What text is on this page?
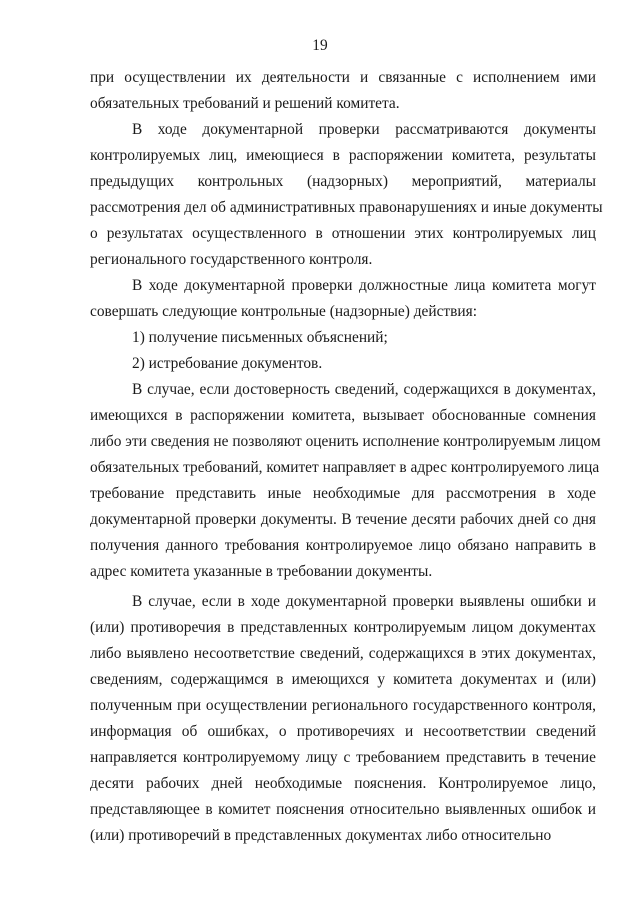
19
при осуществлении их деятельности и связанные с исполнением ими
обязательных требований и решений комитета.
В ходе документарной проверки рассматриваются документы
контролируемых лиц, имеющиеся в распоряжении комитета, результаты
предыдущих контрольных (надзорных) мероприятий, материалы
рассмотрения дел об административных правонарушениях и иные документы
о результатах осуществленного в отношении этих контролируемых лиц
регионального государственного контроля.
В ходе документарной проверки должностные лица комитета могут
совершать следующие контрольные (надзорные) действия:
1) получение письменных объяснений;
2) истребование документов.
В случае, если достоверность сведений, содержащихся в документах,
имеющихся в распоряжении комитета, вызывает обоснованные сомнения
либо эти сведения не позволяют оценить исполнение контролируемым лицом
обязательных требований, комитет направляет в адрес контролируемого лица
требование представить иные необходимые для рассмотрения в ходе
документарной проверки документы. В течение десяти рабочих дней со дня
получения данного требования контролируемое лицо обязано направить в
адрес комитета указанные в требовании документы.
В случае, если в ходе документарной проверки выявлены ошибки и
(или) противоречия в представленных контролируемым лицом документах
либо выявлено несоответствие сведений, содержащихся в этих документах,
сведениям, содержащимся в имеющихся у комитета документах и (или)
полученным при осуществлении регионального государственного контроля,
информация об ошибках, о противоречиях и несоответствии сведений
направляется контролируемому лицу с требованием представить в течение
десяти рабочих дней необходимые пояснения. Контролируемое лицо,
представляющее в комитет пояснения относительно выявленных ошибок и
(или) противоречий в представленных документах либо относительно
